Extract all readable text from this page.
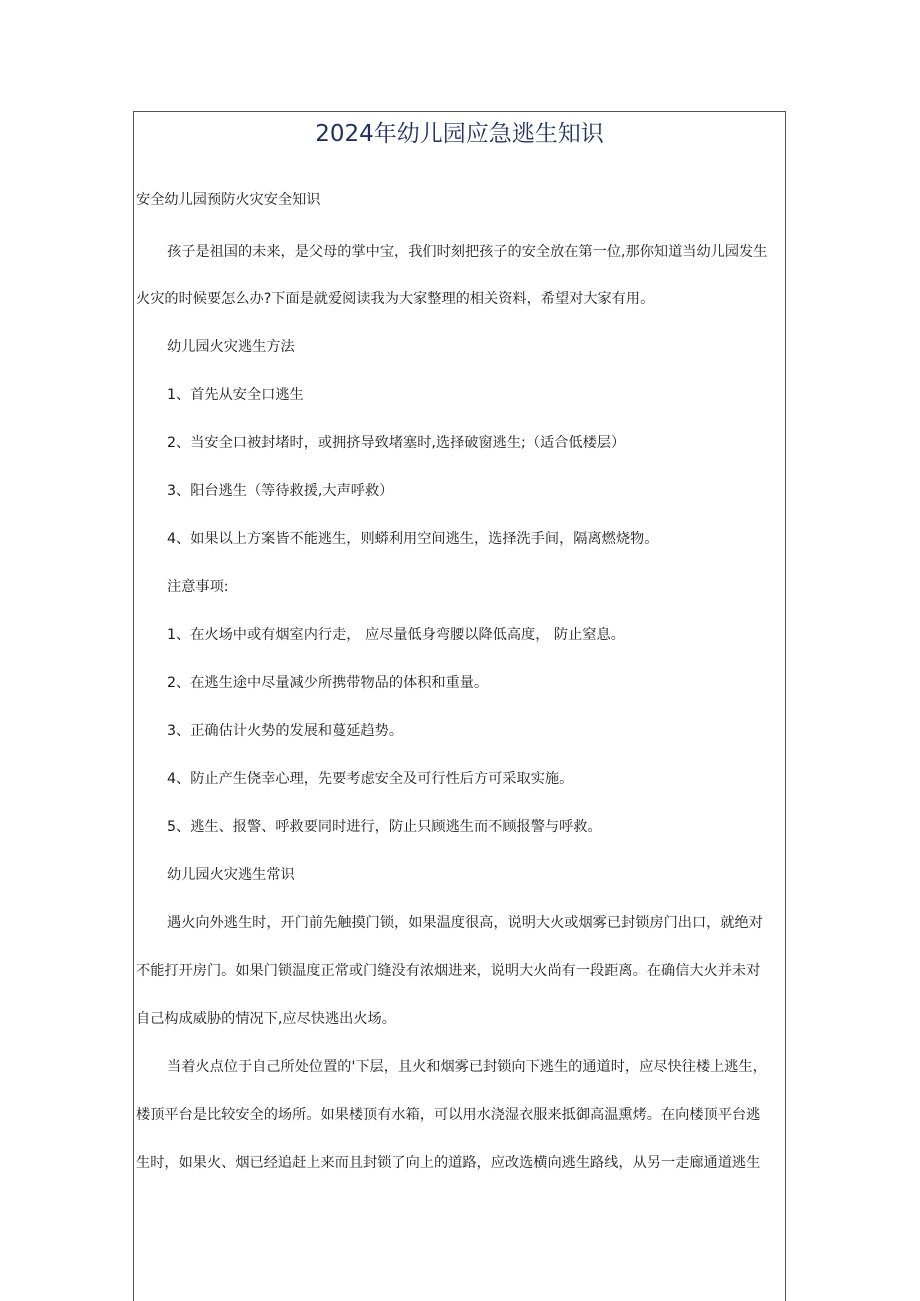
2024年幼儿园应急逃生知识

安全幼儿园预防火灾安全知识

孩子是祖国的未来，是父母的掌中宝，我们时刻把孩子的安全放在第一位,那你知道当幼儿园发生

火灾的时候要怎么办?下面是就爱阅读我为大家整理的相关资料，希望对大家有用。

幼儿园火灾逃生方法

1、首先从安全口逃生

2、当安全口被封堵时，或拥挤导致堵塞时,选择破窗逃生;（适合低楼层）

3、阳台逃生（等待救援,大声呼救）

4、如果以上方案皆不能逃生，则蟒利用空间逃生，选择洗手间，隔离燃烧物。

注意事项:

1、在火场中或有烟室内行走， 应尽量低身弯腰以降低高度， 防止窒息。

2、在逃生途中尽量减少所携带物品的体积和重量。

3、正确估计火势的发展和蔓延趋势。

4、防止产生侥幸心理，先要考虑安全及可行性后方可采取实施。

5、逃生、报警、呼救要同时进行，防止只顾逃生而不顾报警与呼救。

幼儿园火灾逃生常识

遇火向外逃生时，开门前先触摸门锁，如果温度很高，说明大火或烟雾已封锁房门出口，就绝对

不能打开房门。如果门锁温度正常或门缝没有浓烟进来，说明大火尚有一段距离。在确信大火并未对

自己构成威胁的情况下,应尽快逃出火场。

当着火点位于自己所处位置的'下层，且火和烟雾已封锁向下逃生的通道时，应尽快往楼上逃生，

楼顶平台是比较安全的场所。如果楼顶有水箱，可以用水浇湿衣服来抵御高温熏烤。在向楼顶平台逃

生时，如果火、烟已经追赶上来而且封锁了向上的道路，应改选横向逃生路线，从另一走廊通道逃生
